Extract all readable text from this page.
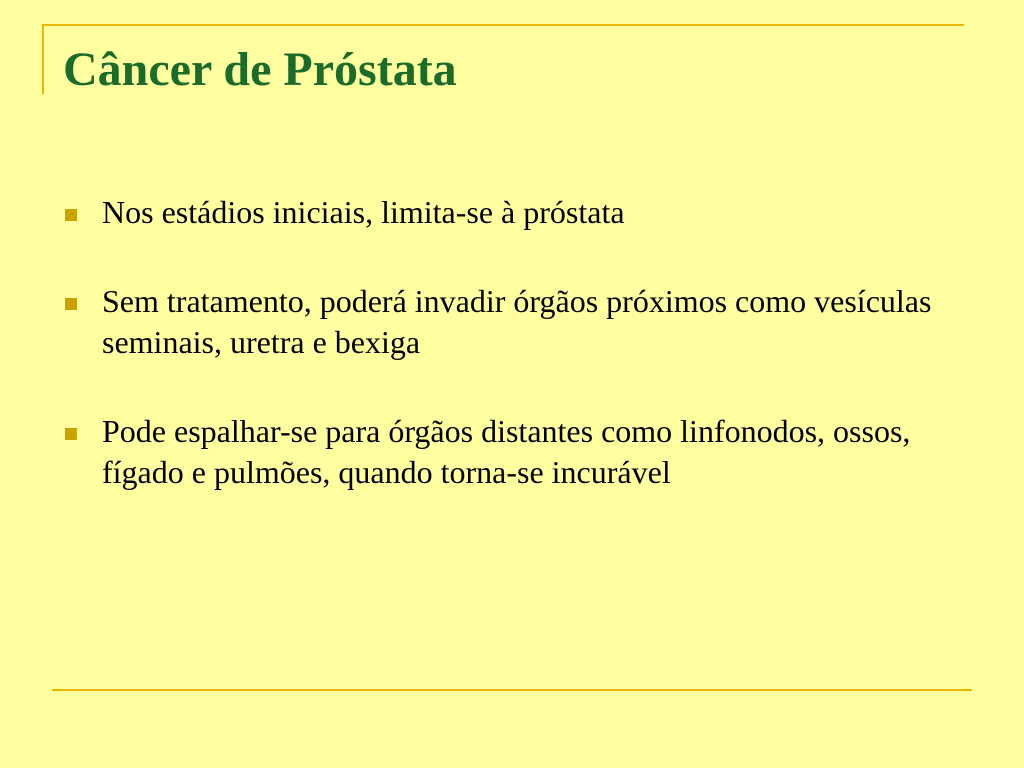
Câncer de Próstata
Nos estádios iniciais, limita-se à próstata
Sem tratamento, poderá invadir órgãos próximos como vesículas seminais, uretra e bexiga
Pode espalhar-se para órgãos distantes como linfonodos, ossos, fígado e pulmões, quando torna-se incurável
